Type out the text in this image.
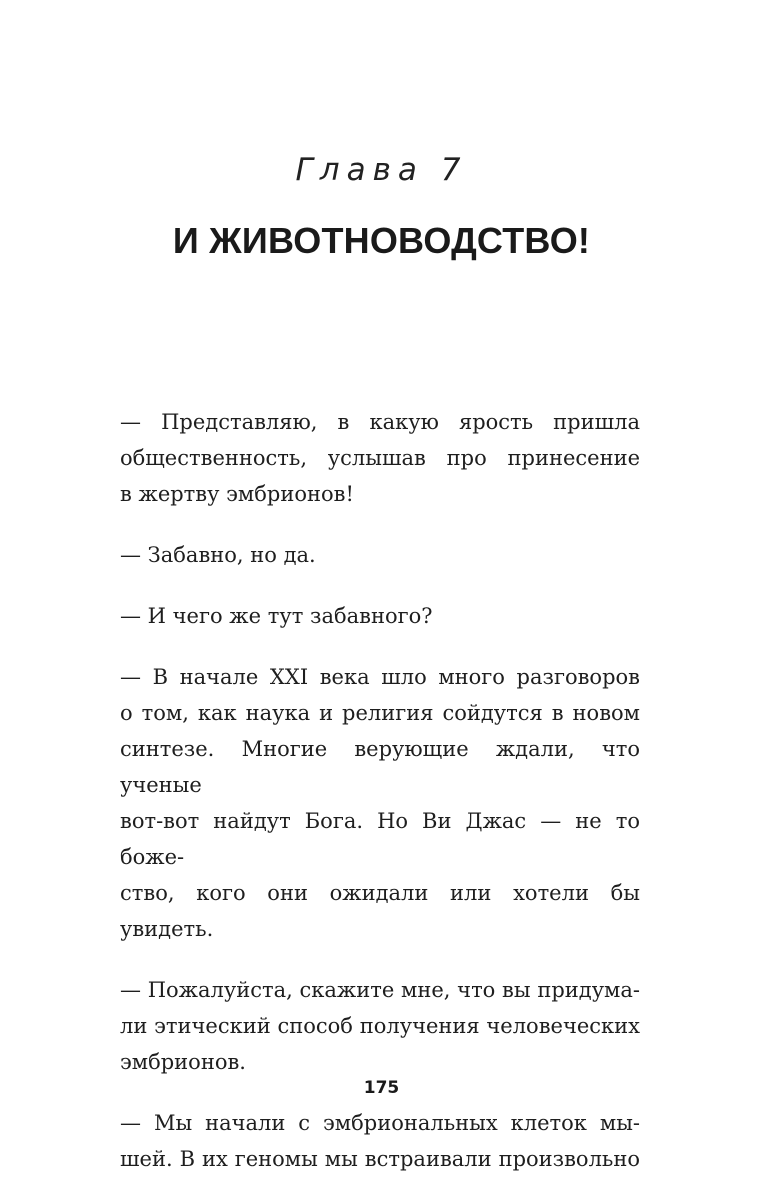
Глава 7
И ЖИВОТНОВОДСТВО!

— Представляю, в какую ярость пришла
общественность, услышав про принесение
в жертву эмбрионов!

— Забавно, но да.

— И чего же тут забавного?

— В начале XXI века шло много разговоров
о том, как наука и религия сойдутся в новом
синтезе. Многие верующие ждали, что ученые
вот-вот найдут Бога. Но Ви Джас — не то боже-
ство, кого они ожидали или хотели бы увидеть.

— Пожалуйста, скажите мне, что вы придума-
ли этический способ получения человеческих
эмбрионов.

— Мы начали с эмбриональных клеток мы-
шей. В их геномы мы встраивали произвольно

175
